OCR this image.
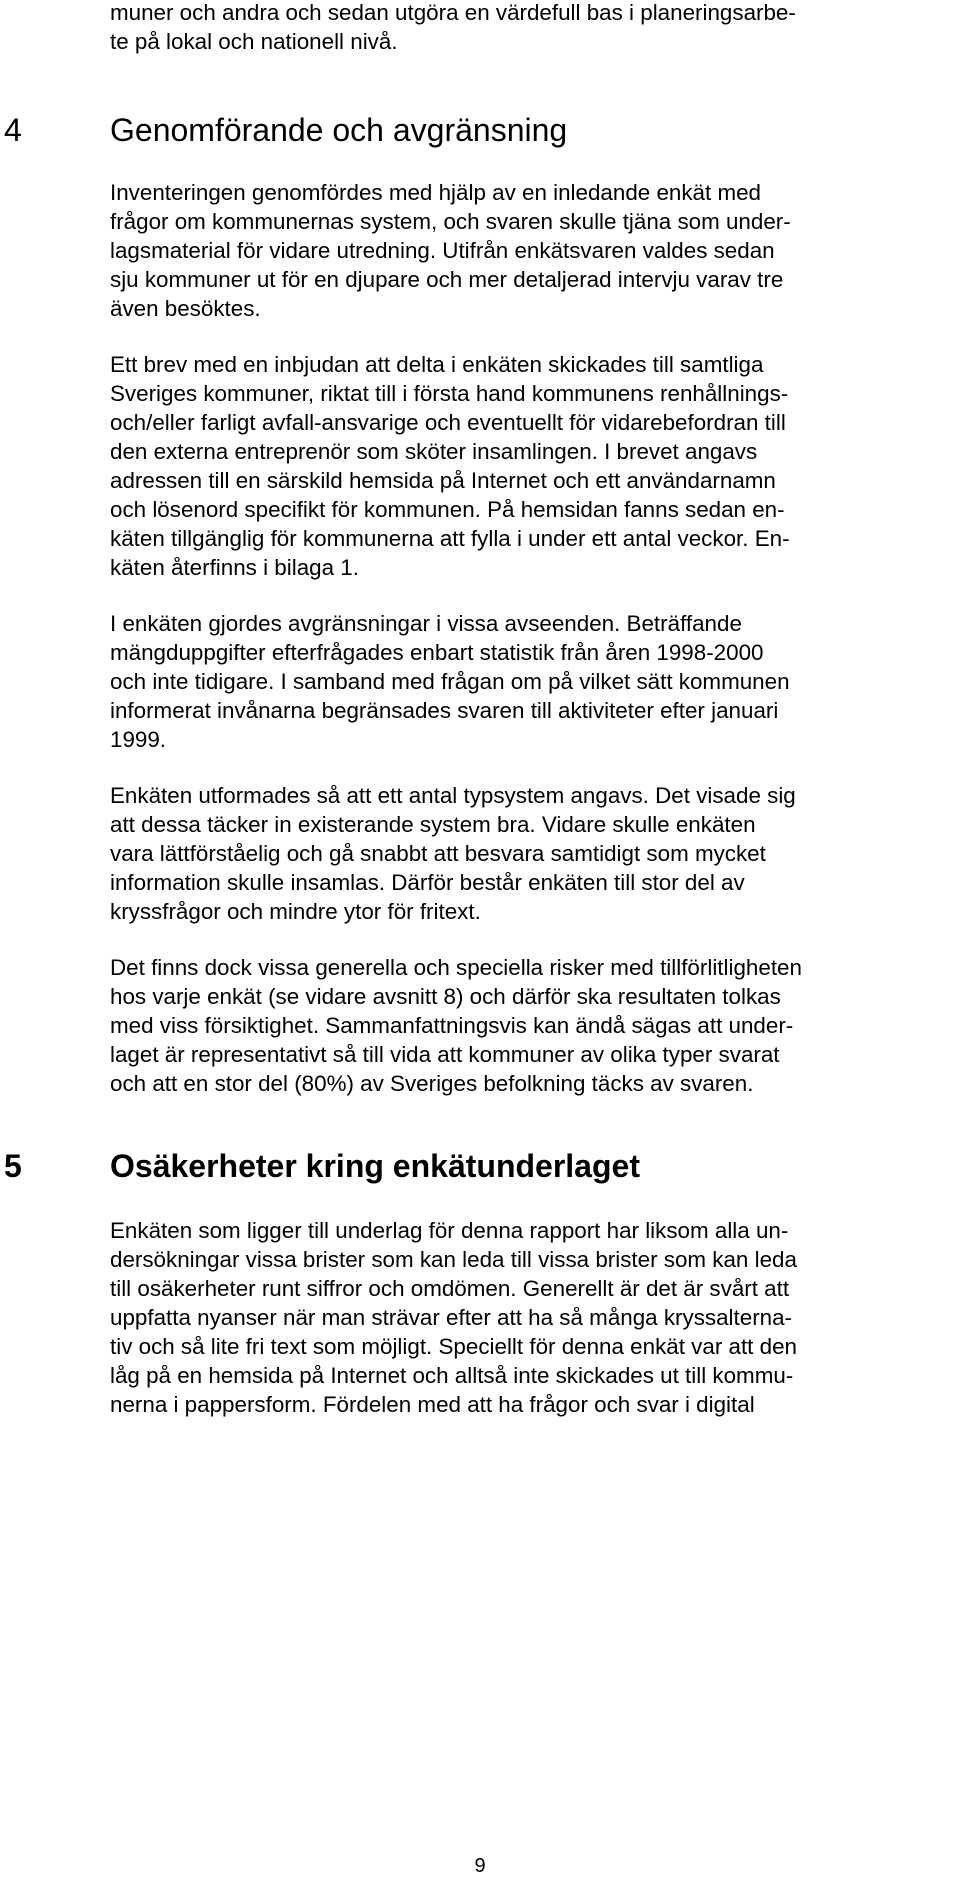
muner och andra och sedan utgöra en värdefull bas i planeringsarbe-

te på lokal och nationell nivå.

4	Genomförande och avgränsning

Inventeringen genomfördes med hjälp av en inledande enkät med

frågor om kommunernas system, och svaren skulle tjäna som under-

lagsmaterial för vidare utredning. Utifrån enkätsvaren valdes sedan

sju kommuner ut för en djupare och mer detaljerad intervju varav tre

även besöktes.

Ett brev med en inbjudan att delta i enkäten skickades till samtliga

Sveriges kommuner, riktat till i första hand kommunens renhållnings-

och/eller farligt avfall-ansvarige och eventuellt för vidarebefordran till

den externa entreprenör som sköter insamlingen. I brevet angavs

adressen till en särskild hemsida på Internet och ett användarnamn

och lösenord specifikt för kommunen. På hemsidan fanns sedan en-

käten tillgänglig för kommunerna att fylla i under ett antal veckor. En-

käten återfinns i bilaga 1.

I enkäten gjordes avgränsningar i vissa avseenden. Beträffande

mängduppgifter efterfrågades enbart statistik från åren 1998-2000

och inte tidigare. I samband med frågan om på vilket sätt kommunen

informerat invånarna begränsades svaren till aktiviteter efter januari

1999.

Enkäten utformades så att ett antal typsystem angavs. Det visade sig

att dessa täcker in existerande system bra. Vidare skulle enkäten

vara lättförståelig och gå snabbt att besvara samtidigt som mycket

information skulle insamlas. Därför består enkäten till stor del av

kryssfrågor och mindre ytor för fritext.

Det finns dock vissa generella och speciella risker med tillförlitligheten

hos varje enkät (se vidare avsnitt 8) och därför ska resultaten tolkas

med viss försiktighet. Sammanfattningsvis kan ändå sägas att under-

laget är representativt så till vida att kommuner av olika typer svarat

och att en stor del (80%) av Sveriges befolkning täcks av svaren.

5	Osäkerheter kring enkätunderlaget

Enkäten som ligger till underlag för denna rapport har liksom alla un-

dersökningar vissa brister som kan leda till vissa brister som kan leda

till osäkerheter runt siffror och omdömen. Generellt är det är svårt att

uppfatta nyanser när man strävar efter att ha så många kryssalterna-

tiv och så lite fri text som möjligt. Speciellt för denna enkät var att den

låg på en hemsida på Internet och alltså inte skickades ut till kommu-

nerna i pappersform. Fördelen med att ha frågor och svar i digital

9
